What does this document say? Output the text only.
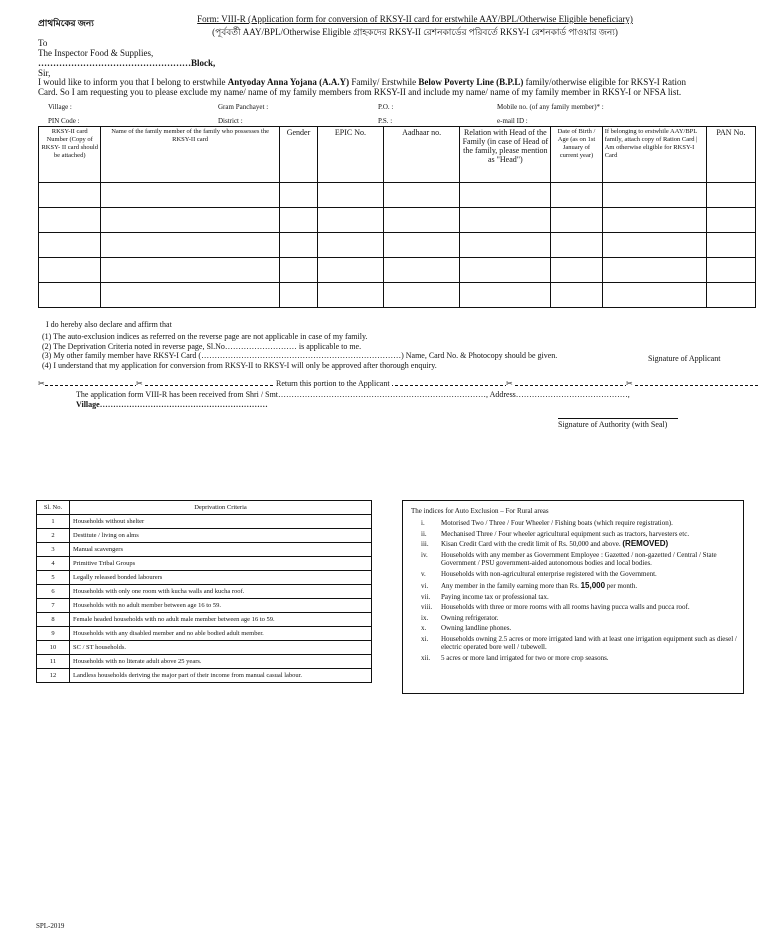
প্রাথমিকের জন্য	Form: VIII-R (Application form for conversion of RKSY-II card for erstwhile AAY/BPL/Otherwise Eligible beneficiary)
(পূর্ববর্তী AAY/BPL/Otherwise Eligible গ্রাহকদের RKSY-II রেশনকার্ডের পরিবর্তে RKSY-I রেশনকার্ড পাওয়ার জন্য)
To
The Inspector Food & Supplies,
……………………………………………Block,
Sir,
I would like to inform you that I belong to erstwhile Antyoday Anna Yojana (A.A.Y) Family/ Erstwhile Below Poverty Line (B.P.L) family/otherwise eligible for RKSY-I Ration
Card. So I am requesting you to please exclude my name/ name of my family members from RKSY-II and include my name/ name of my family member in RKSY-I or NFSA list.
Village :	Gram Panchayet :	P.O. :	Mobile no. (of any family member)* :
PIN Code :	District :	P.S. :	e-mail ID :
RKSY-II card Number (Copy of RKSY- II card should be attached)	Name of the family member of the family who possesses the RKSY-II card	Gender	EPIC No.	Aadhaar no.	Relation with Head of the Family (in case of Head of the family, please mention as "Head")	Date of Birth / Age (as on 1st January of current year)	If belonging to erstwhile AAY/BPL family, attach copy of Ration Card | Am otherwise eligible for RKSY-I Card	PAN No.

I do hereby also declare and affirm that
(1) The auto-exclusion indices as referred on the reverse page are not applicable in case of my family.
(2) The Deprivation Criteria noted in reverse page, Sl.No……………………… is applicable to me.
(3) My other family member have RKSY-I Card (…………………………………………………………………) Name, Card No. & Photocopy should be given.
(4) I understand that my application for conversion from RKSY-II to RKSY-I will only be approved after thorough enquiry.
Signature of Applicant
✂	✂	✂	✂
Return this portion to the Applicant
The application form VIII-R has been received from Shri / Smt……………………………………………………………………, Address……………………………………,
Village………………………………………………………
Signature of Authority (with Seal)
Sl. No.	Deprivation Criteria
1	Households without shelter
2	Destitute / living on alms
3	Manual scavengers
4	Primitive Tribal Groups
5	Legally released bonded labourers
6	Households with only one room with kucha walls and kucha roof.
7	Households with no adult member between age 16 to 59.
8	Female headed households with no adult male member between age 16 to 59.
9	Households with any disabled member and no able bodied adult member.
10	SC / ST households.
11	Households with no literate adult above 25 years.
12	Landless households deriving the major part of their income from manual casual labour.
The indices for Auto Exclusion – For Rural areas
i.	Motorised Two / Three / Four Wheeler / Fishing boats (which require registration).
ii.	Mechanised Three / Four wheeler agricultural equipment such as tractors, harvesters etc.
iii.	Kisan Credit Card with the credit limit of Rs. 50,000 and above. (REMOVED)
iv.	Households with any member as Government Employee : Gazetted / non-gazetted / Central / State Government / PSU government-aided autonomous bodies and local bodies.
v.	Households with non-agricultural enterprise registered with the Government.
vi.	Any member in the family earning more than Rs. 15,000 per month.
vii.	Paying income tax or professional tax.
viii.	Households with three or more rooms with all rooms having pucca walls and pucca roof.
ix.	Owning refrigerator.
x.	Owning landline phones.
xi.	Households owning 2.5 acres or more irrigated land with at least one irrigation equipment such as diesel / electric operated bore well / tubewell.
xii.	5 acres or more land irrigated for two or more crop seasons.
SPL-2019
